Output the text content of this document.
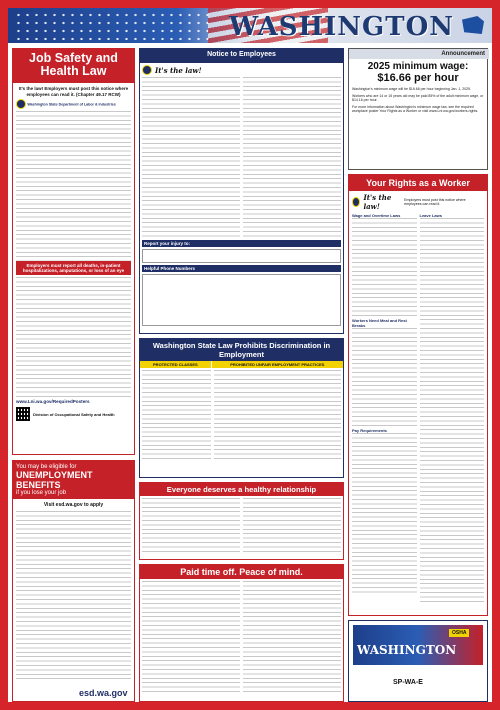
WASHINGTON
Job Safety and Health Law
It's the law! Employers must post this notice where employees can read it. (Chapter 49.17 RCW)
Washington State Department of Labor & Industries
Employers must report all deaths, in-patient hospitalizations, amputations, or loss of an eye
www.Lni.wa.gov/RequiredPosters
Division of Occupational Safety and Health
You may be eligible for
UNEMPLOYMENT BENEFITS
if you lose your job
Visit esd.wa.gov to apply
esd.wa.gov
Notice to Employees
It's the law!
Report your injury to:
Helpful Phone Numbers
Washington State Law Prohibits Discrimination in Employment
PROTECTED CLASSES	PROHIBITED UNFAIR EMPLOYMENT PRACTICES
Everyone deserves a healthy relationship
Paid time off. Peace of mind.
Announcement
2025 minimum wage:
$16.66 per hour
Washington's minimum wage will be $16.66 per hour beginning Jan. 1, 2025.
Workers who are 14 or 15 years old may be paid 85% of the adult minimum wage, or $14.16 per hour.
For more information about Washington's minimum wage law, see the required workplace poster Your Rights as a Worker or visit www.Lni.wa.gov/workers-rights.
Your Rights as a Worker
It's the law!
Employers must post this notice where employees can read it.
Wage and Overtime Laws
Workers Need Meal and Rest Breaks
Pay Requirements
Leave Laws
WASHINGTON
OSHA
SP-WA-E
